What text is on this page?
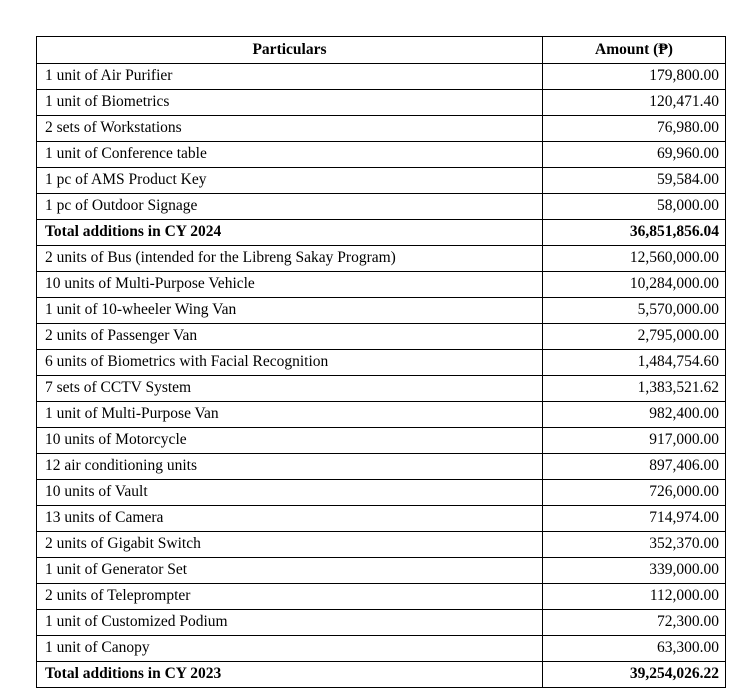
Particulars	Amount (₱)
1 unit of Air Purifier	179,800.00
1 unit of Biometrics	120,471.40
2 sets of Workstations	76,980.00
1 unit of Conference table	69,960.00
1 pc of AMS Product Key	59,584.00
1 pc of Outdoor Signage	58,000.00
Total additions in CY 2024	36,851,856.04
2 units of Bus (intended for the Libreng Sakay Program)	12,560,000.00
10 units of Multi-Purpose Vehicle	10,284,000.00
1 unit of 10-wheeler Wing Van	5,570,000.00
2 units of Passenger Van	2,795,000.00
6 units of Biometrics with Facial Recognition	1,484,754.60
7 sets of CCTV System	1,383,521.62
1 unit of Multi-Purpose Van	982,400.00
10 units of Motorcycle	917,000.00
12 air conditioning units	897,406.00
10 units of Vault	726,000.00
13 units of Camera	714,974.00
2 units of Gigabit Switch	352,370.00
1 unit of Generator Set	339,000.00
2 units of Teleprompter	112,000.00
1 unit of Customized Podium	72,300.00
1 unit of Canopy	63,300.00
Total additions in CY 2023	39,254,026.22
